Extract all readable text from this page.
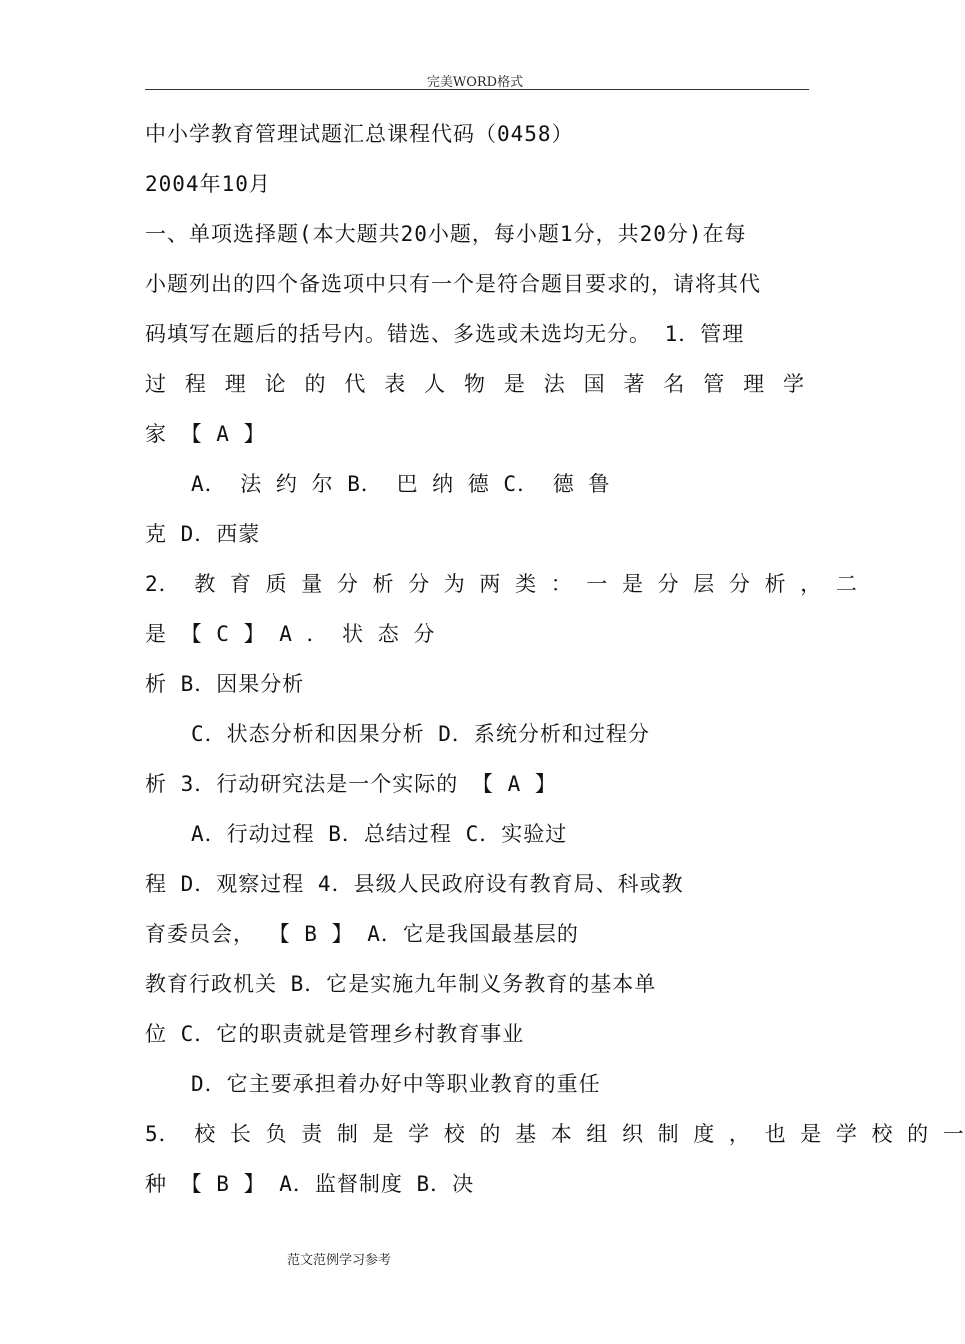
完美WORD格式
中小学教育管理试题汇总课程代码（0458）
2004年10月
一、单项选择题(本大题共20小题，每小题1分，共20分)在每
小题列出的四个备选项中只有一个是符合题目要求的，请将其代
码填写在题后的括号内。错选、多选或未选均无分。 1．管理
过 程 理 论 的 代 表 人 物 是 法 国 著 名 管 理 学
家 【 A 】
A． 法 约 尔 B． 巴 纳 德 C． 德 鲁
克 D．西蒙
2． 教 育 质 量 分 析 分 为 两 类 ： 一 是 分 层 分 析 ， 二
是 【 C 】 A ． 状 态 分
析 B．因果分析
C．状态分析和因果分析 D．系统分析和过程分
析 3．行动研究法是一个实际的 【 A 】
A．行动过程 B．总结过程 C．实验过
程 D．观察过程 4．县级人民政府设有教育局、科或教
育委员会， 【 B 】 A．它是我国最基层的
教育行政机关 B．它是实施九年制义务教育的基本单
位 C．它的职责就是管理乡村教育事业
D．它主要承担着办好中等职业教育的重任
5． 校 长 负 责 制 是 学 校 的 基 本 组 织 制 度 ， 也 是 学 校 的 一
种 【 B 】 A．监督制度 B．决
范文范例学习参考
